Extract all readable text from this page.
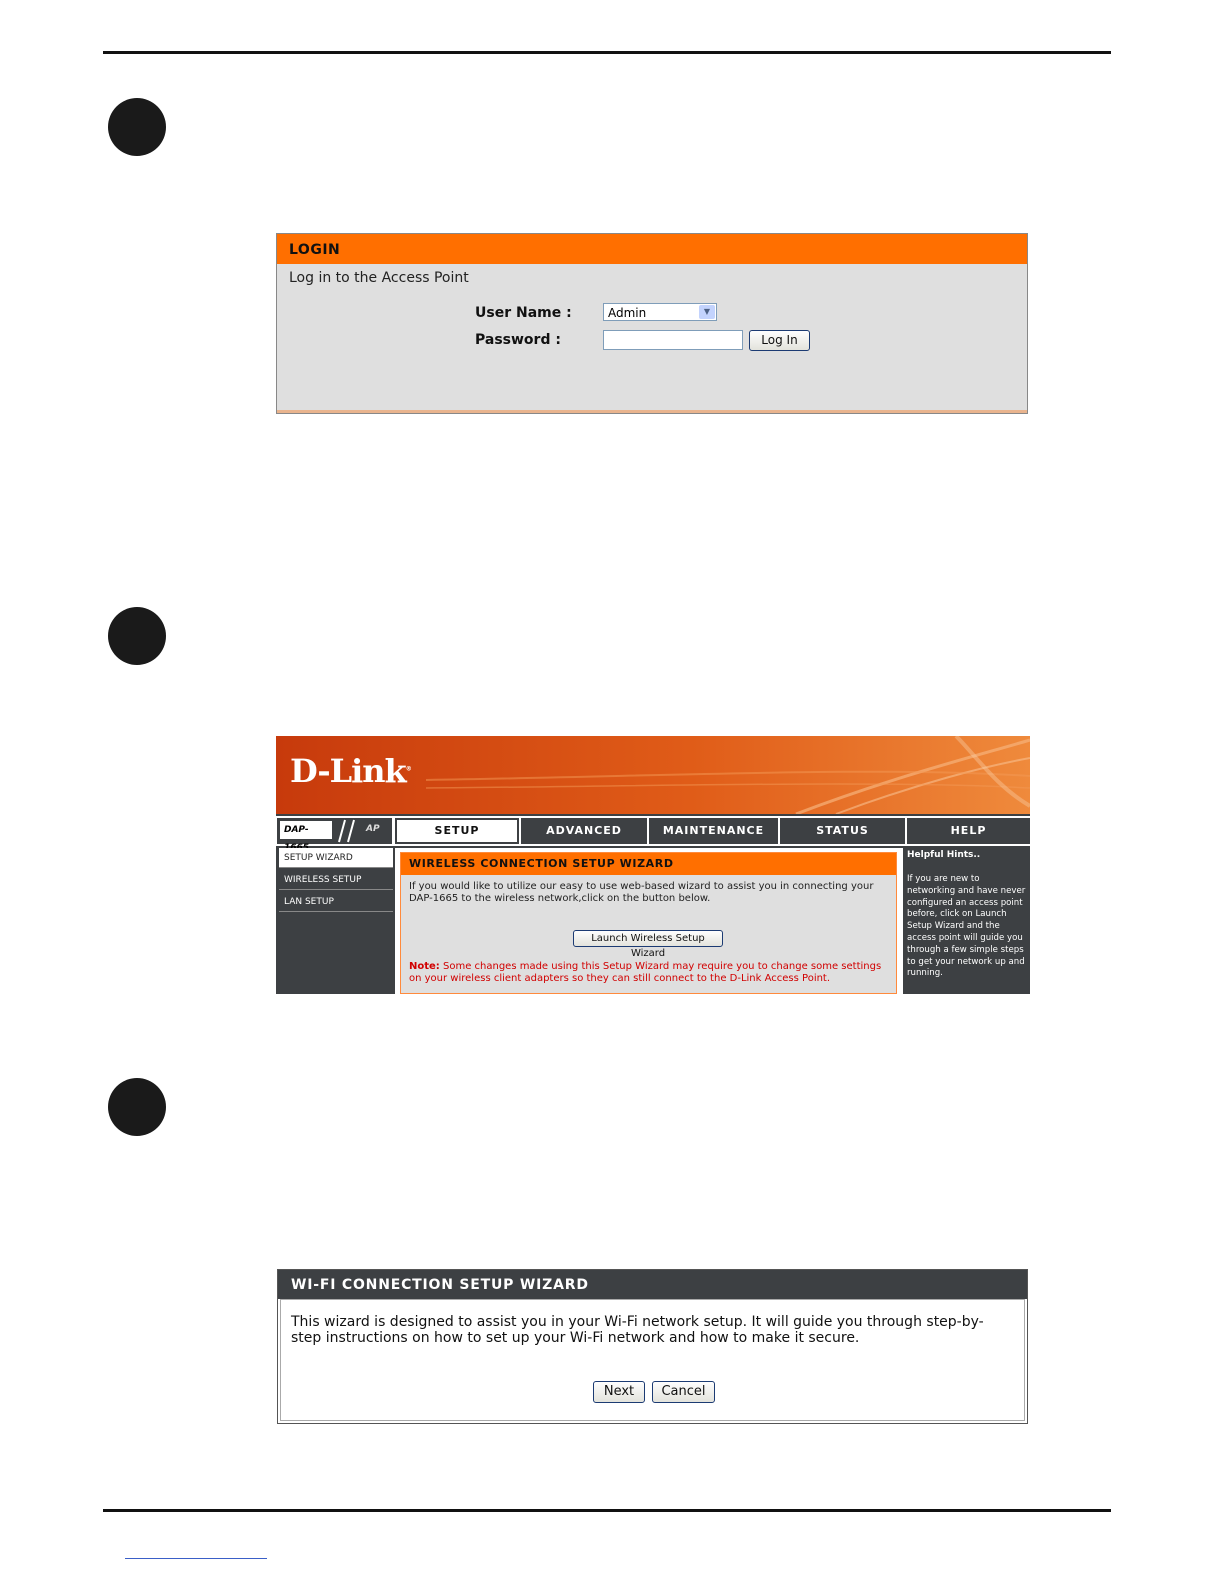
LOGIN
Log in to the Access Point
User Name :	Admin	▼
Password :	Log In
D-Link®
DAP-	AP	SETUP	ADVANCED	MAINTENANCE	STATUS	HELP
SETUP WIZARD
WIRELESS SETUP
LAN SETUP
WIRELESS CONNECTION SETUP WIZARD
If you would like to utilize our easy to use web-based wizard to assist you in connecting your DAP-1665 to the wireless network,click on the button below.
Launch Wireless Setup Wizard
Note: Some changes made using this Setup Wizard may require you to change some settings on your wireless client adapters so they can still connect to the D-Link Access Point.
Helpful Hints..
If you are new to networking and have never configured an access point before, click on Launch Setup Wizard and the access point will guide you through a few simple steps to get your network up and running.
WI-FI CONNECTION SETUP WIZARD
This wizard is designed to assist you in your Wi-Fi network setup. It will guide you through step-by-step instructions on how to set up your Wi-Fi network and how to make it secure.
Next	Cancel
